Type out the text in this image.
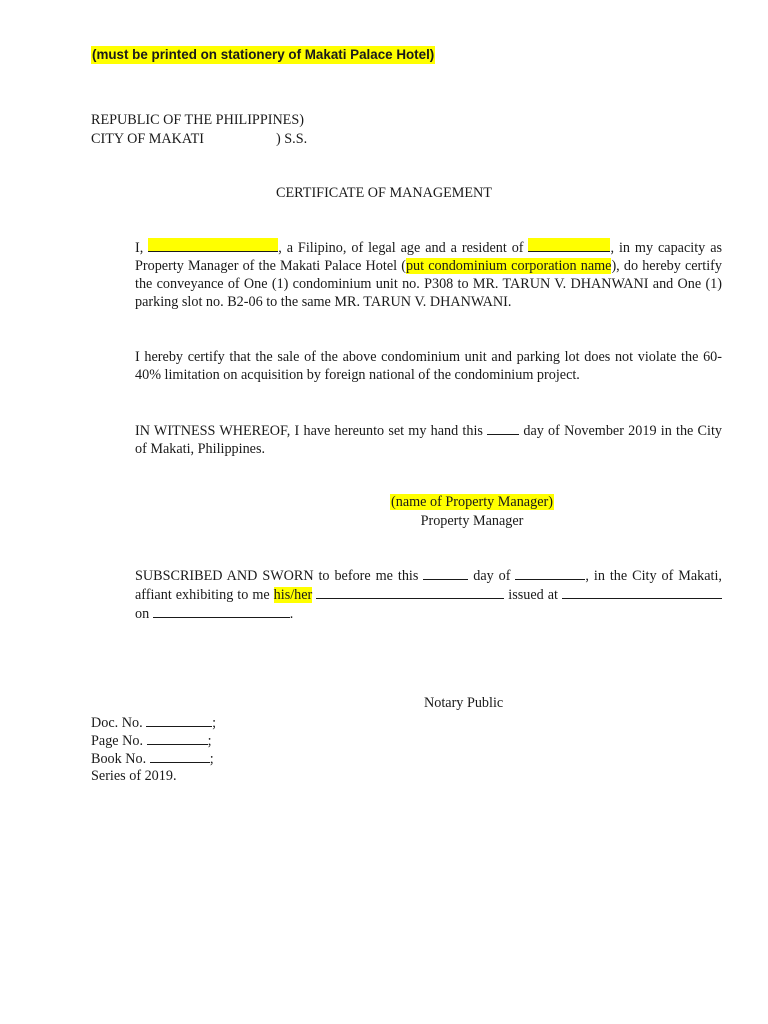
(must be printed on stationery of Makati Palace Hotel)
REPUBLIC OF THE PHILIPPINES)
CITY OF MAKATI	) S.S.
CERTIFICATE OF MANAGEMENT
I,	, a Filipino, of legal age and a resident of	, in my capacity as Property Manager of the Makati Palace Hotel (put condominium corporation name), do hereby certify the conveyance of One (1) condominium unit no. P308 to MR. TARUN V. DHANWANI and One (1) parking slot no. B2-06 to the same MR. TARUN V. DHANWANI.
I hereby certify that the sale of the above condominium unit and parking lot does not violate the 60-40% limitation on acquisition by foreign national of the condominium project.
IN WITNESS WHEREOF, I have hereunto set my hand this  day of November 2019 in the City of Makati, Philippines.
(name of Property Manager)
Property Manager
SUBSCRIBED AND SWORN to before me this	day of	, in the City of Makati, affiant exhibiting to me his/her	issued at  on	.
Notary Public
Doc. No.	;
Page No.	;
Book No.	;
Series of 2019.
